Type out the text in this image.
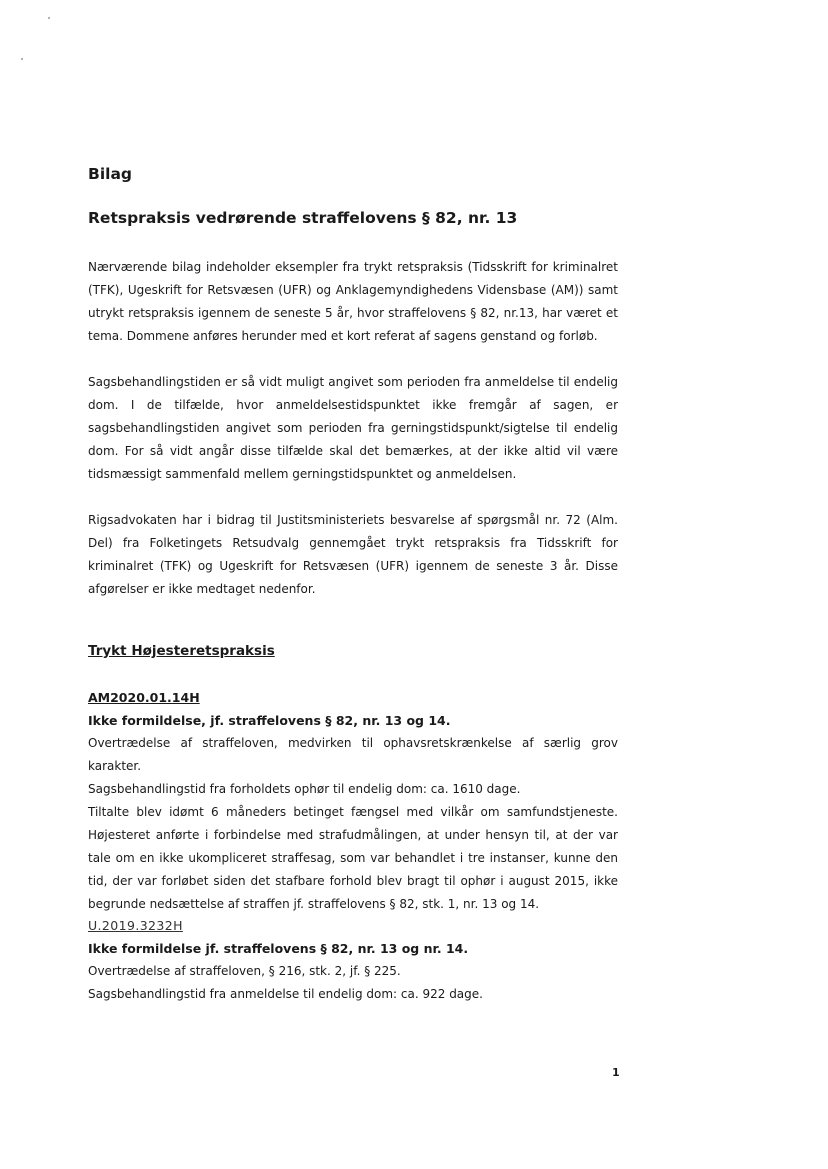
Bilag
Retspraksis vedrørende straffelovens § 82, nr. 13

Nærværende bilag indeholder eksempler fra trykt retspraksis (Tidsskrift for kriminalret (TFK), Ugeskrift for Retsvæsen (UFR) og Anklagemyndighedens Vidensbase (AM)) samt utrykt retspraksis igennem de seneste 5 år, hvor straffelovens § 82, nr.13, har været et tema. Dommene anføres herunder med et kort referat af sagens genstand og forløb.

Sagsbehandlingstiden er så vidt muligt angivet som perioden fra anmeldelse til endelig dom. I de tilfælde, hvor anmeldelsestidspunktet ikke fremgår af sagen, er sagsbehandlingstiden angivet som perioden fra gerningstidspunkt/sigtelse til endelig dom. For så vidt angår disse tilfælde skal det bemærkes, at der ikke altid vil være tidsmæssigt sammenfald mellem gerningstidspunktet og anmeldelsen.

Rigsadvokaten har i bidrag til Justitsministeriets besvarelse af spørgsmål nr. 72 (Alm. Del) fra Folketingets Retsudvalg gennemgået trykt retspraksis fra Tidsskrift for kriminalret (TFK) og Ugeskrift for Retsvæsen (UFR) igennem de seneste 3 år. Disse afgørelser er ikke medtaget nedenfor.

Trykt Højesteretspraksis

AM2020.01.14H

Ikke formildelse, jf. straffelovens § 82, nr. 13 og 14.

Overtrædelse af straffeloven, medvirken til ophavsretskrænkelse af særlig grov karakter.

Sagsbehandlingstid fra forholdets ophør til endelig dom: ca. 1610 dage.

Tiltalte blev idømt 6 måneders betinget fængsel med vilkår om samfundstjeneste. Højesteret anførte i forbindelse med strafudmålingen, at under hensyn til, at der var tale om en ikke ukompliceret straffesag, som var behandlet i tre instanser, kunne den tid, der var forløbet siden det stafbare forhold blev bragt til ophør i august 2015, ikke begrunde nedsættelse af straffen jf. straffelovens § 82, stk. 1, nr. 13 og 14.

U.2019.3232H

Ikke formildelse jf. straffelovens § 82, nr. 13 og nr. 14.

Overtrædelse af straffeloven, § 216, stk. 2, jf. § 225.

Sagsbehandlingstid fra anmeldelse til endelig dom: ca. 922 dage.

1
